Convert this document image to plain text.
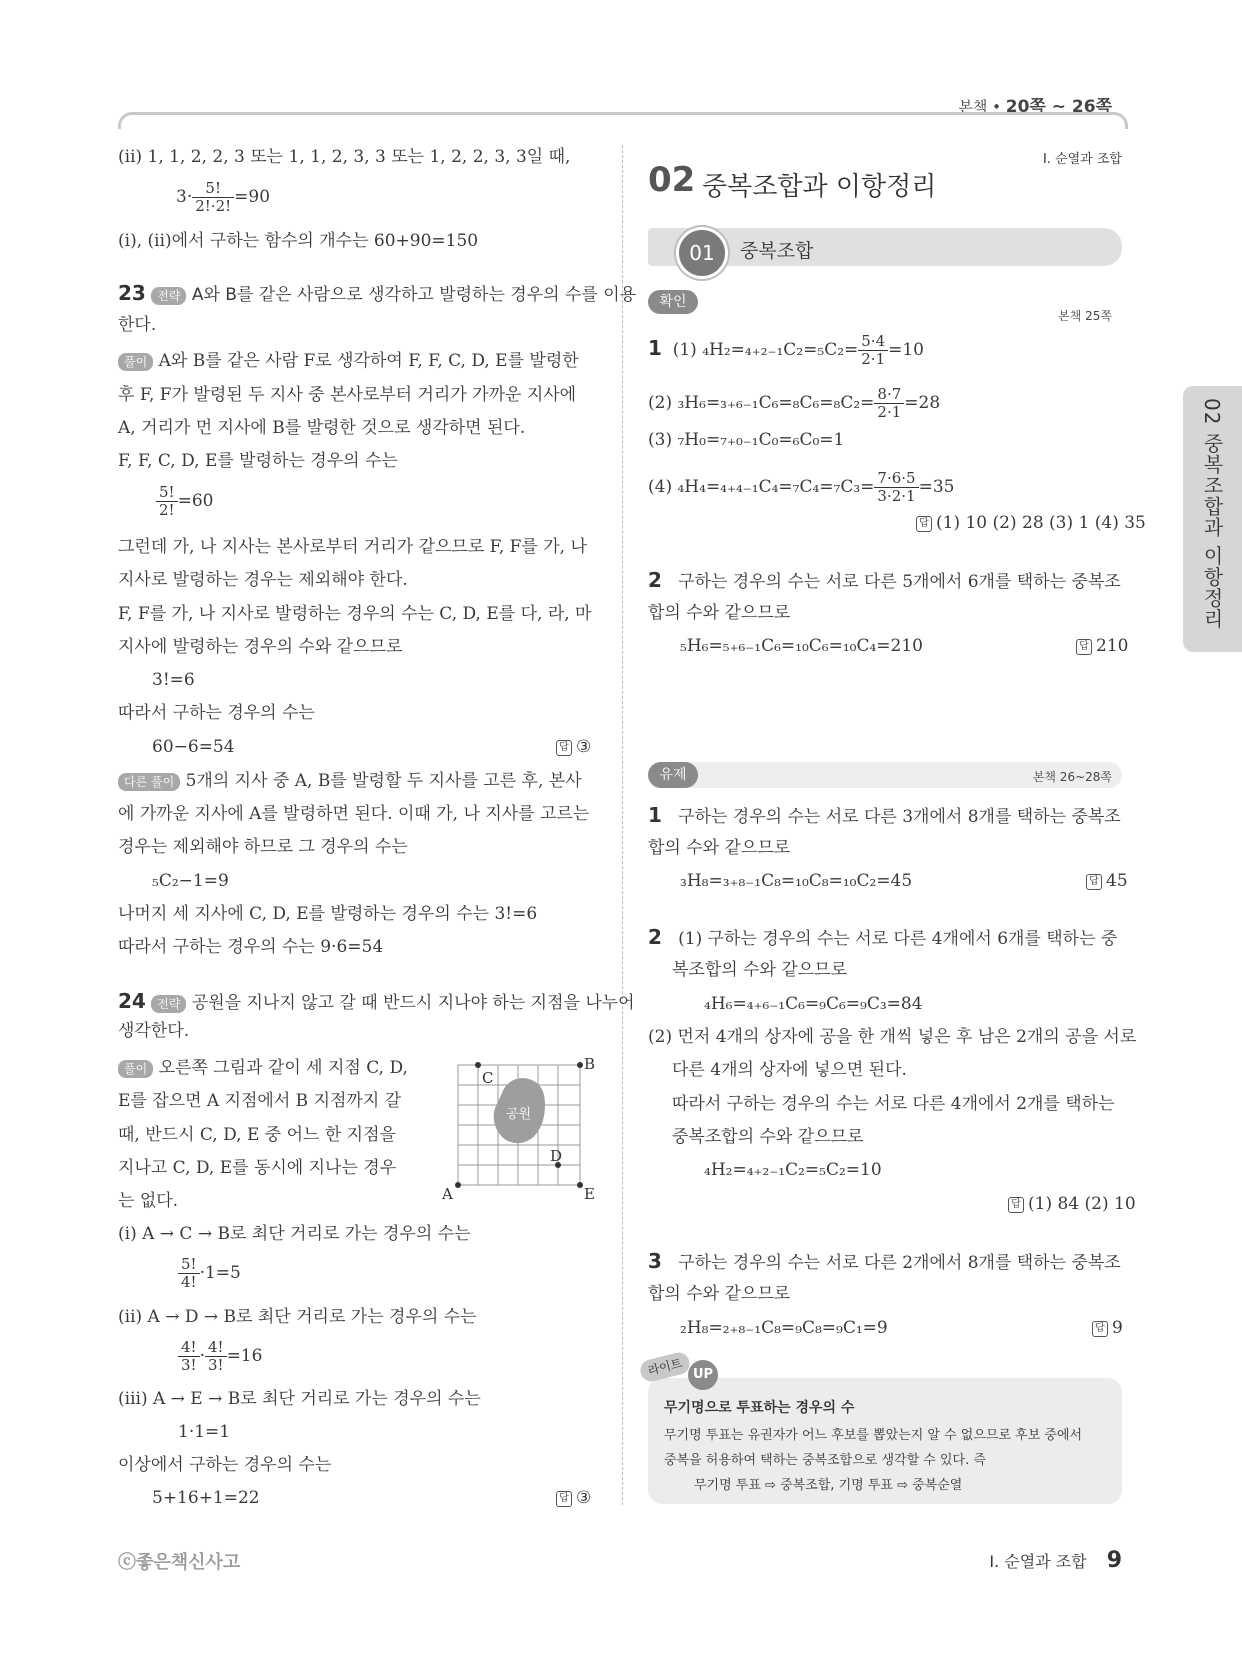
본책 • 20쪽 ~ 26쪽
(ⅱ) 1, 1, 2, 2, 3 또는 1, 1, 2, 3, 3 또는 1, 2, 2, 3, 3일 때,
$3\cdot \frac{5!}{2!\cdot 2!} =90$
(ⅰ), (ⅱ)에서 구하는 함수의 개수는 60+90=150
23 전략 A와 B를 같은 사람으로 생각하고 발령하는 경우의 수를 이용
한다.
풀이 A와 B를 같은 사람 F로 생각하여 F, F, C, D, E를 발령한
후 F, F가 발령된 두 지사 중 본사로부터 거리가 가까운 지사에
A, 거리가 먼 지사에 B를 발령한 것으로 생각하면 된다.
F, F, C, D, E를 발령하는 경우의 수는
$\frac{5!}{2!} =60$
그런데 가, 나 지사는 본사로부터 거리가 같으므로 F, F를 가, 나
지사로 발령하는 경우는 제외해야 한다.
F, F를 가, 나 지사로 발령하는 경우의 수는 C, D, E를 다, 라, 마
지사에 발령하는 경우의 수와 같으므로
3!=6
따라서 구하는 경우의 수는
60−6=54	답 ③
다른 풀이 5개의 지사 중 A, B를 발령할 두 지사를 고른 후, 본사
에 가까운 지사에 A를 발령하면 된다. 이때 가, 나 지사를 고르는
경우는 제외해야 하므로 그 경우의 수는
₅C₂−1=9
나머지 세 지사에 C, D, E를 발령하는 경우의 수는 3!=6
따라서 구하는 경우의 수는 9·6=54
24 전략 공원을 지나지 않고 갈 때 반드시 지나야 하는 지점을 나누어
생각한다.
풀이 오른쪽 그림과 같이 세 지점 C, D,
E를 잡으면 A 지점에서 B 지점까지 갈
때, 반드시 C, D, E 중 어느 한 지점을
지나고 C, D, E를 동시에 지나는 경우
는 없다.
공원
A
B
C
D
E
(ⅰ) A → C → B로 최단 거리로 가는 경우의 수는
$\frac{5!}{4!} \cdot 1=5$
(ⅱ) A → D → B로 최단 거리로 가는 경우의 수는
$\frac{4!}{3!} \cdot \frac{4!}{3!} =16$
(ⅲ) A → E → B로 최단 거리로 가는 경우의 수는
1·1=1
이상에서 구하는 경우의 수는
5+16+1=22	답 ③
I. 순열과 조합
02 중복조합과 이항정리
01	중복조합
확인
본책 25쪽
1 (1) $_4H_2=_{4+2-1}C_2=_5C_2= \frac{5\cdot 4}{2\cdot 1} =10$
(2) $_3H_6=_{3+6-1}C_6=_8C_6=_8C_2= \frac{8\cdot 7}{2\cdot 1} =28$
(3) ₇H₀=₇₊₀₋₁C₀=₆C₀=1
(4) $_4H_4=_{4+4-1}C_4=_7C_4=_7C_3= \frac{7\cdot 6\cdot 5}{3\cdot 2\cdot 1} =35$
답 (1) 10 (2) 28 (3) 1 (4) 35
2 구하는 경우의 수는 서로 다른 5개에서 6개를 택하는 중복조
합의 수와 같으므로
₅H₆=₅₊₆₋₁C₆=₁₀C₆=₁₀C₄=210	답 210
유제	본책 26~28쪽
1 구하는 경우의 수는 서로 다른 3개에서 8개를 택하는 중복조
합의 수와 같으므로
₃H₈=₃₊₈₋₁C₈=₁₀C₈=₁₀C₂=45	답 45
2 (1) 구하는 경우의 수는 서로 다른 4개에서 6개를 택하는 중
복조합의 수와 같으므로
₄H₆=₄₊₆₋₁C₆=₉C₆=₉C₃=84
(2) 먼저 4개의 상자에 공을 한 개씩 넣은 후 남은 2개의 공을 서로
다른 4개의 상자에 넣으면 된다.
따라서 구하는 경우의 수는 서로 다른 4개에서 2개를 택하는
중복조합의 수와 같으므로
₄H₂=₄₊₂₋₁C₂=₅C₂=10
답 (1) 84 (2) 10
3 구하는 경우의 수는 서로 다른 2개에서 8개를 택하는 중복조
합의 수와 같으므로
₂H₈=₂₊₈₋₁C₈=₉C₈=₉C₁=9	답 9
라이트 UP
무기명으로 투표하는 경우의 수
무기명 투표는 유권자가 어느 후보를 뽑았는지 알 수 없으므로 후보 중에서
중복을 허용하여 택하는 중복조합으로 생각할 수 있다. 즉
무기명 투표 ⇨ 중복조합, 기명 투표 ⇨ 중복순열
02 중복조합과 이항정리
ⓒ좋은책신사고	I. 순열과 조합 9
